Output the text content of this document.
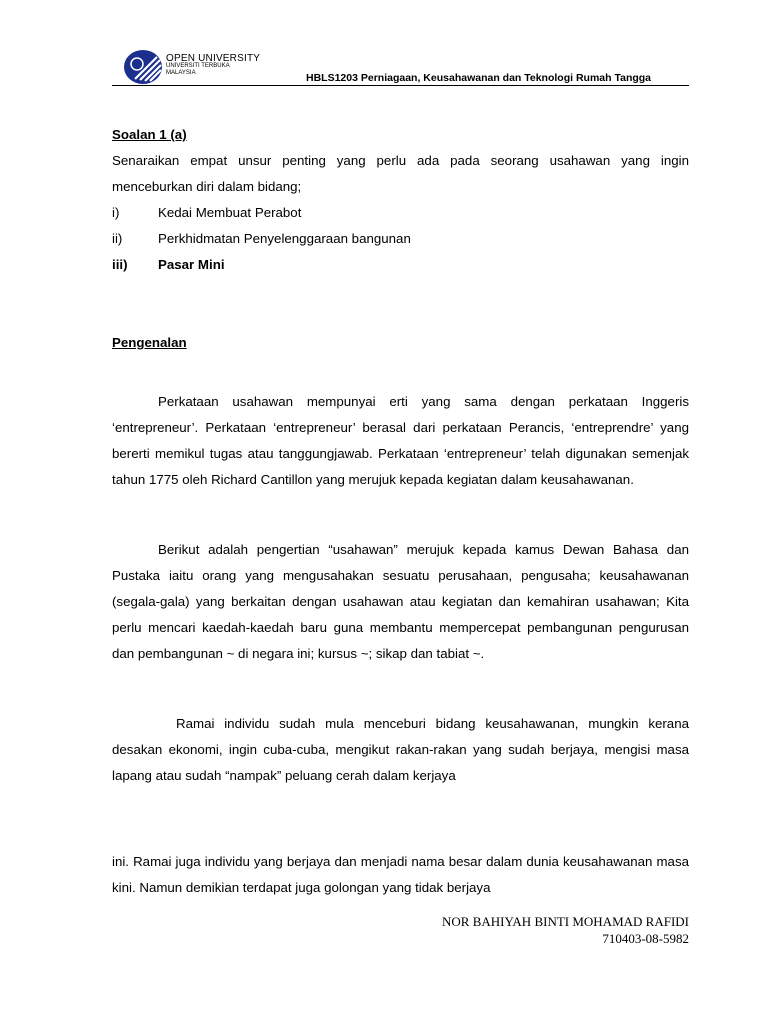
OPEN UNIVERSITY
UNIVERSITI TERBUKA
MALAYSIA	HBLS1203 Perniagaan, Keusahawanan dan Teknologi Rumah Tangga
Soalan 1 (a)
Senaraikan empat unsur penting yang perlu ada pada seorang usahawan yang ingin menceburkan diri dalam bidang;
i)	Kedai Membuat Perabot
ii)	Perkhidmatan Penyelenggaraan bangunan
iii) Pasar Mini
Pengenalan
Perkataan usahawan mempunyai erti yang sama dengan perkataan Inggeris ‘entrepreneur’. Perkataan ‘entrepreneur’ berasal dari perkataan Perancis, ‘entreprendre’ yang bererti memikul tugas atau tanggungjawab. Perkataan ‘entrepreneur’ telah digunakan semenjak tahun 1775 oleh Richard Cantillon yang merujuk kepada kegiatan dalam keusahawanan.
Berikut adalah pengertian “usahawan” merujuk kepada kamus Dewan Bahasa dan Pustaka iaitu orang yang mengusahakan sesuatu perusahaan, pengusaha; keusahawanan (segala-gala) yang berkaitan dengan usahawan atau kegiatan dan kemahiran usahawan; Kita perlu mencari kaedah-kaedah baru guna membantu mempercepat pembangunan pengurusan dan pembangunan ~ di negara ini; kursus ~; sikap dan tabiat ~.
Ramai individu sudah mula menceburi bidang keusahawanan, mungkin kerana desakan ekonomi, ingin cuba-cuba, mengikut rakan-rakan yang sudah berjaya, mengisi masa lapang atau sudah “nampak” peluang cerah dalam kerjaya
ini. Ramai juga individu yang berjaya dan menjadi nama besar dalam dunia keusahawanan masa kini. Namun demikian terdapat juga golongan yang tidak berjaya
NOR BAHIYAH BINTI MOHAMAD RAFIDI
710403-08-5982
